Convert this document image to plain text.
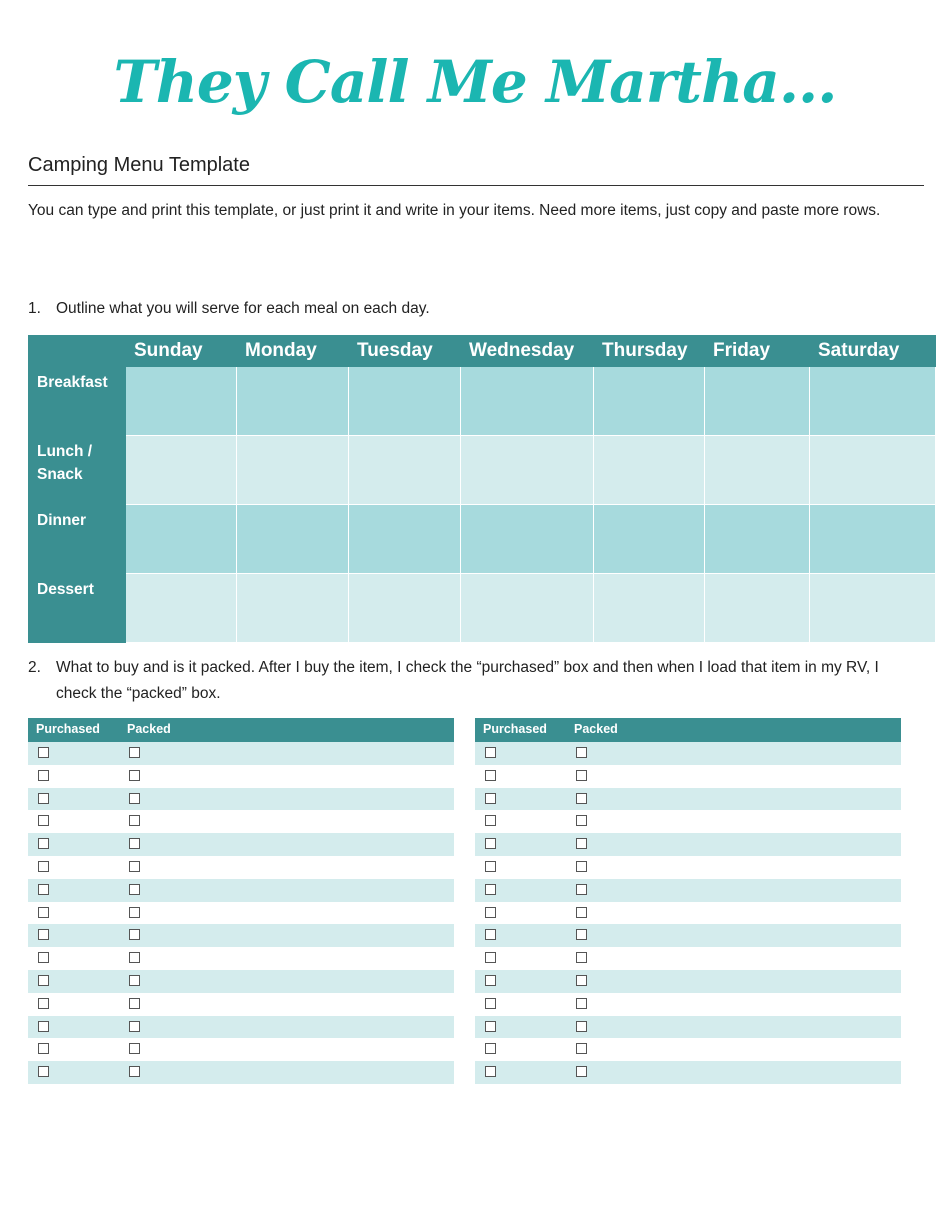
They Call Me Martha...
Camping Menu Template
You can type and print this template, or just print it and write in your items. Need more items, just copy and paste more rows.
1. Outline what you will serve for each meal on each day.
	Sunday	Monday	Tuesday	Wednesday	Thursday	Friday	Saturday
Breakfast							
Lunch / Snack							
Dinner							
Dessert							
2. What to buy and is it packed. After I buy the item, I check the “purchased” box and then when I load that item in my RV, I check the “packed” box.
Purchased Packed	Purchased Packed
